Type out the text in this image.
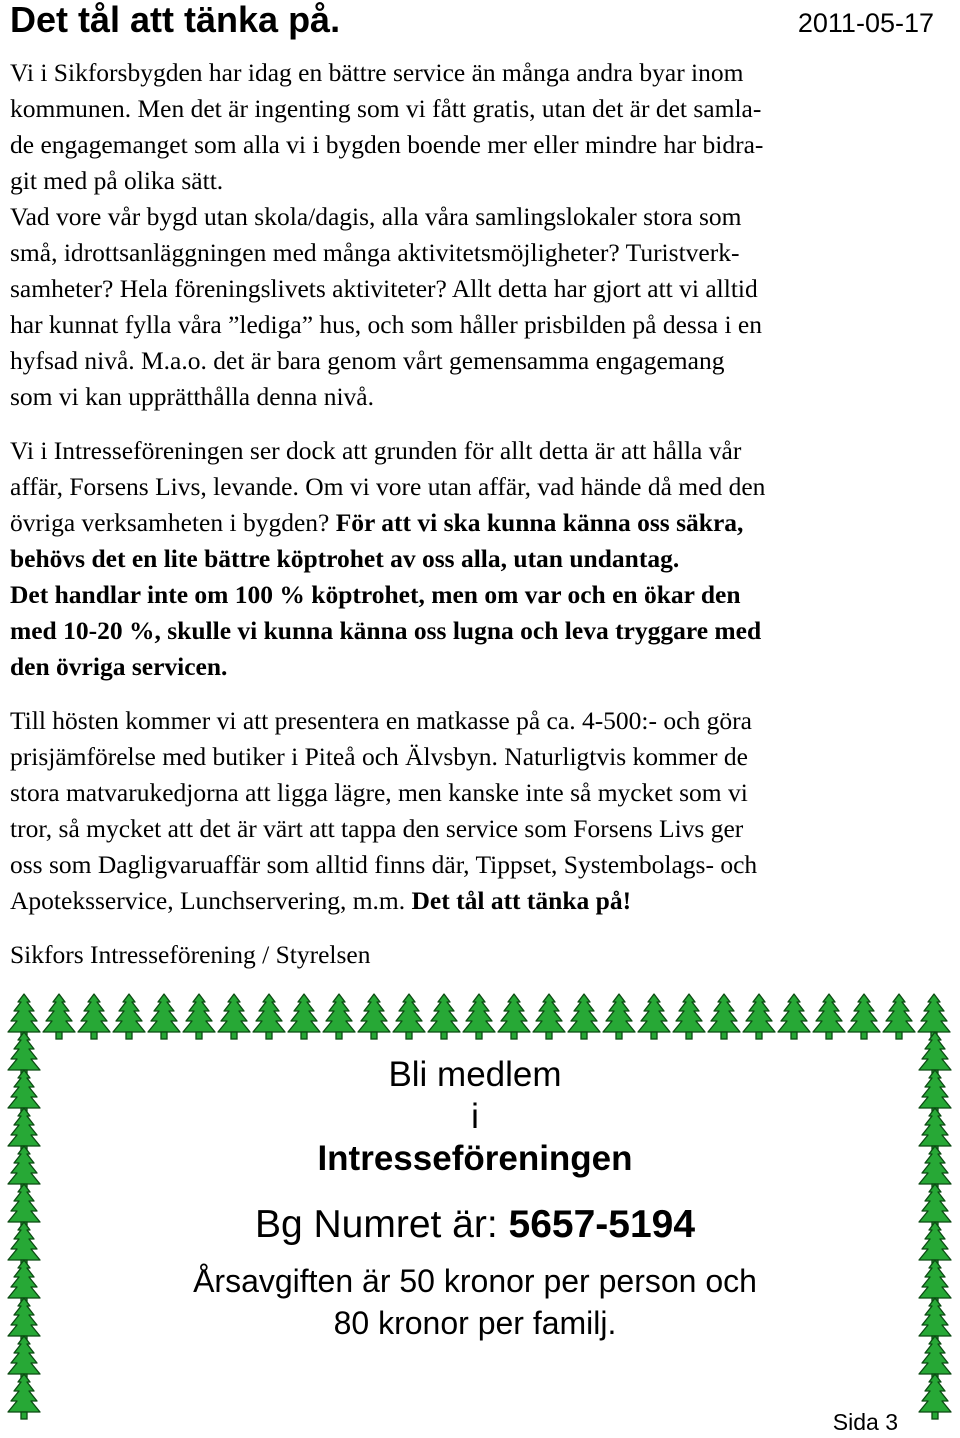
Det tål att tänka på.	2011-05-17

Vi i Sikforsbygden har idag en bättre service än många andra byar inom
kommunen. Men det är ingenting som vi fått gratis, utan det är det samla-
de engagemanget som alla vi i bygden boende mer eller mindre har bidra-
git med på olika sätt.
Vad vore vår bygd utan skola/dagis, alla våra samlingslokaler stora som
små, idrottsanläggningen med många aktivitetsmöjligheter? Turistverk-
samheter? Hela föreningslivets aktiviteter? Allt detta har gjort att vi alltid
har kunnat fylla våra ”lediga” hus, och som håller prisbilden på dessa i en
hyfsad nivå. M.a.o. det är bara genom vårt gemensamma engagemang
som vi kan upprätthålla denna nivå.

Vi i Intresseföreningen ser dock att grunden för allt detta är att hålla vår
affär, Forsens Livs, levande. Om vi vore utan affär, vad hände då med den
övriga verksamheten i bygden? För att vi ska kunna känna oss säkra,
behövs det en lite bättre köptrohet av oss alla, utan undantag.
Det handlar inte om 100 % köptrohet, men om var och en ökar den
med 10-20 %, skulle vi kunna känna oss lugna och leva tryggare med
den övriga servicen.

Till hösten kommer vi att presentera en matkasse på ca. 4-500:- och göra
prisjämförelse med butiker i Piteå och Älvsbyn. Naturligtvis kommer de
stora matvarukedjorna att ligga lägre, men kanske inte så mycket som vi
tror, så mycket att det är värt att tappa den service som Forsens Livs ger
oss som Dagligvaruaffär som alltid finns där, Tippset, Systembolags- och
Apoteksservice, Lunchservering, m.m. Det tål att tänka på!

Sikfors Intresseförening / Styrelsen

Bli medlem
i
Intresseföreningen
Bg Numret är: 5657-5194
Årsavgiften är 50 kronor per person och
80 kronor per familj.
Sida 3
